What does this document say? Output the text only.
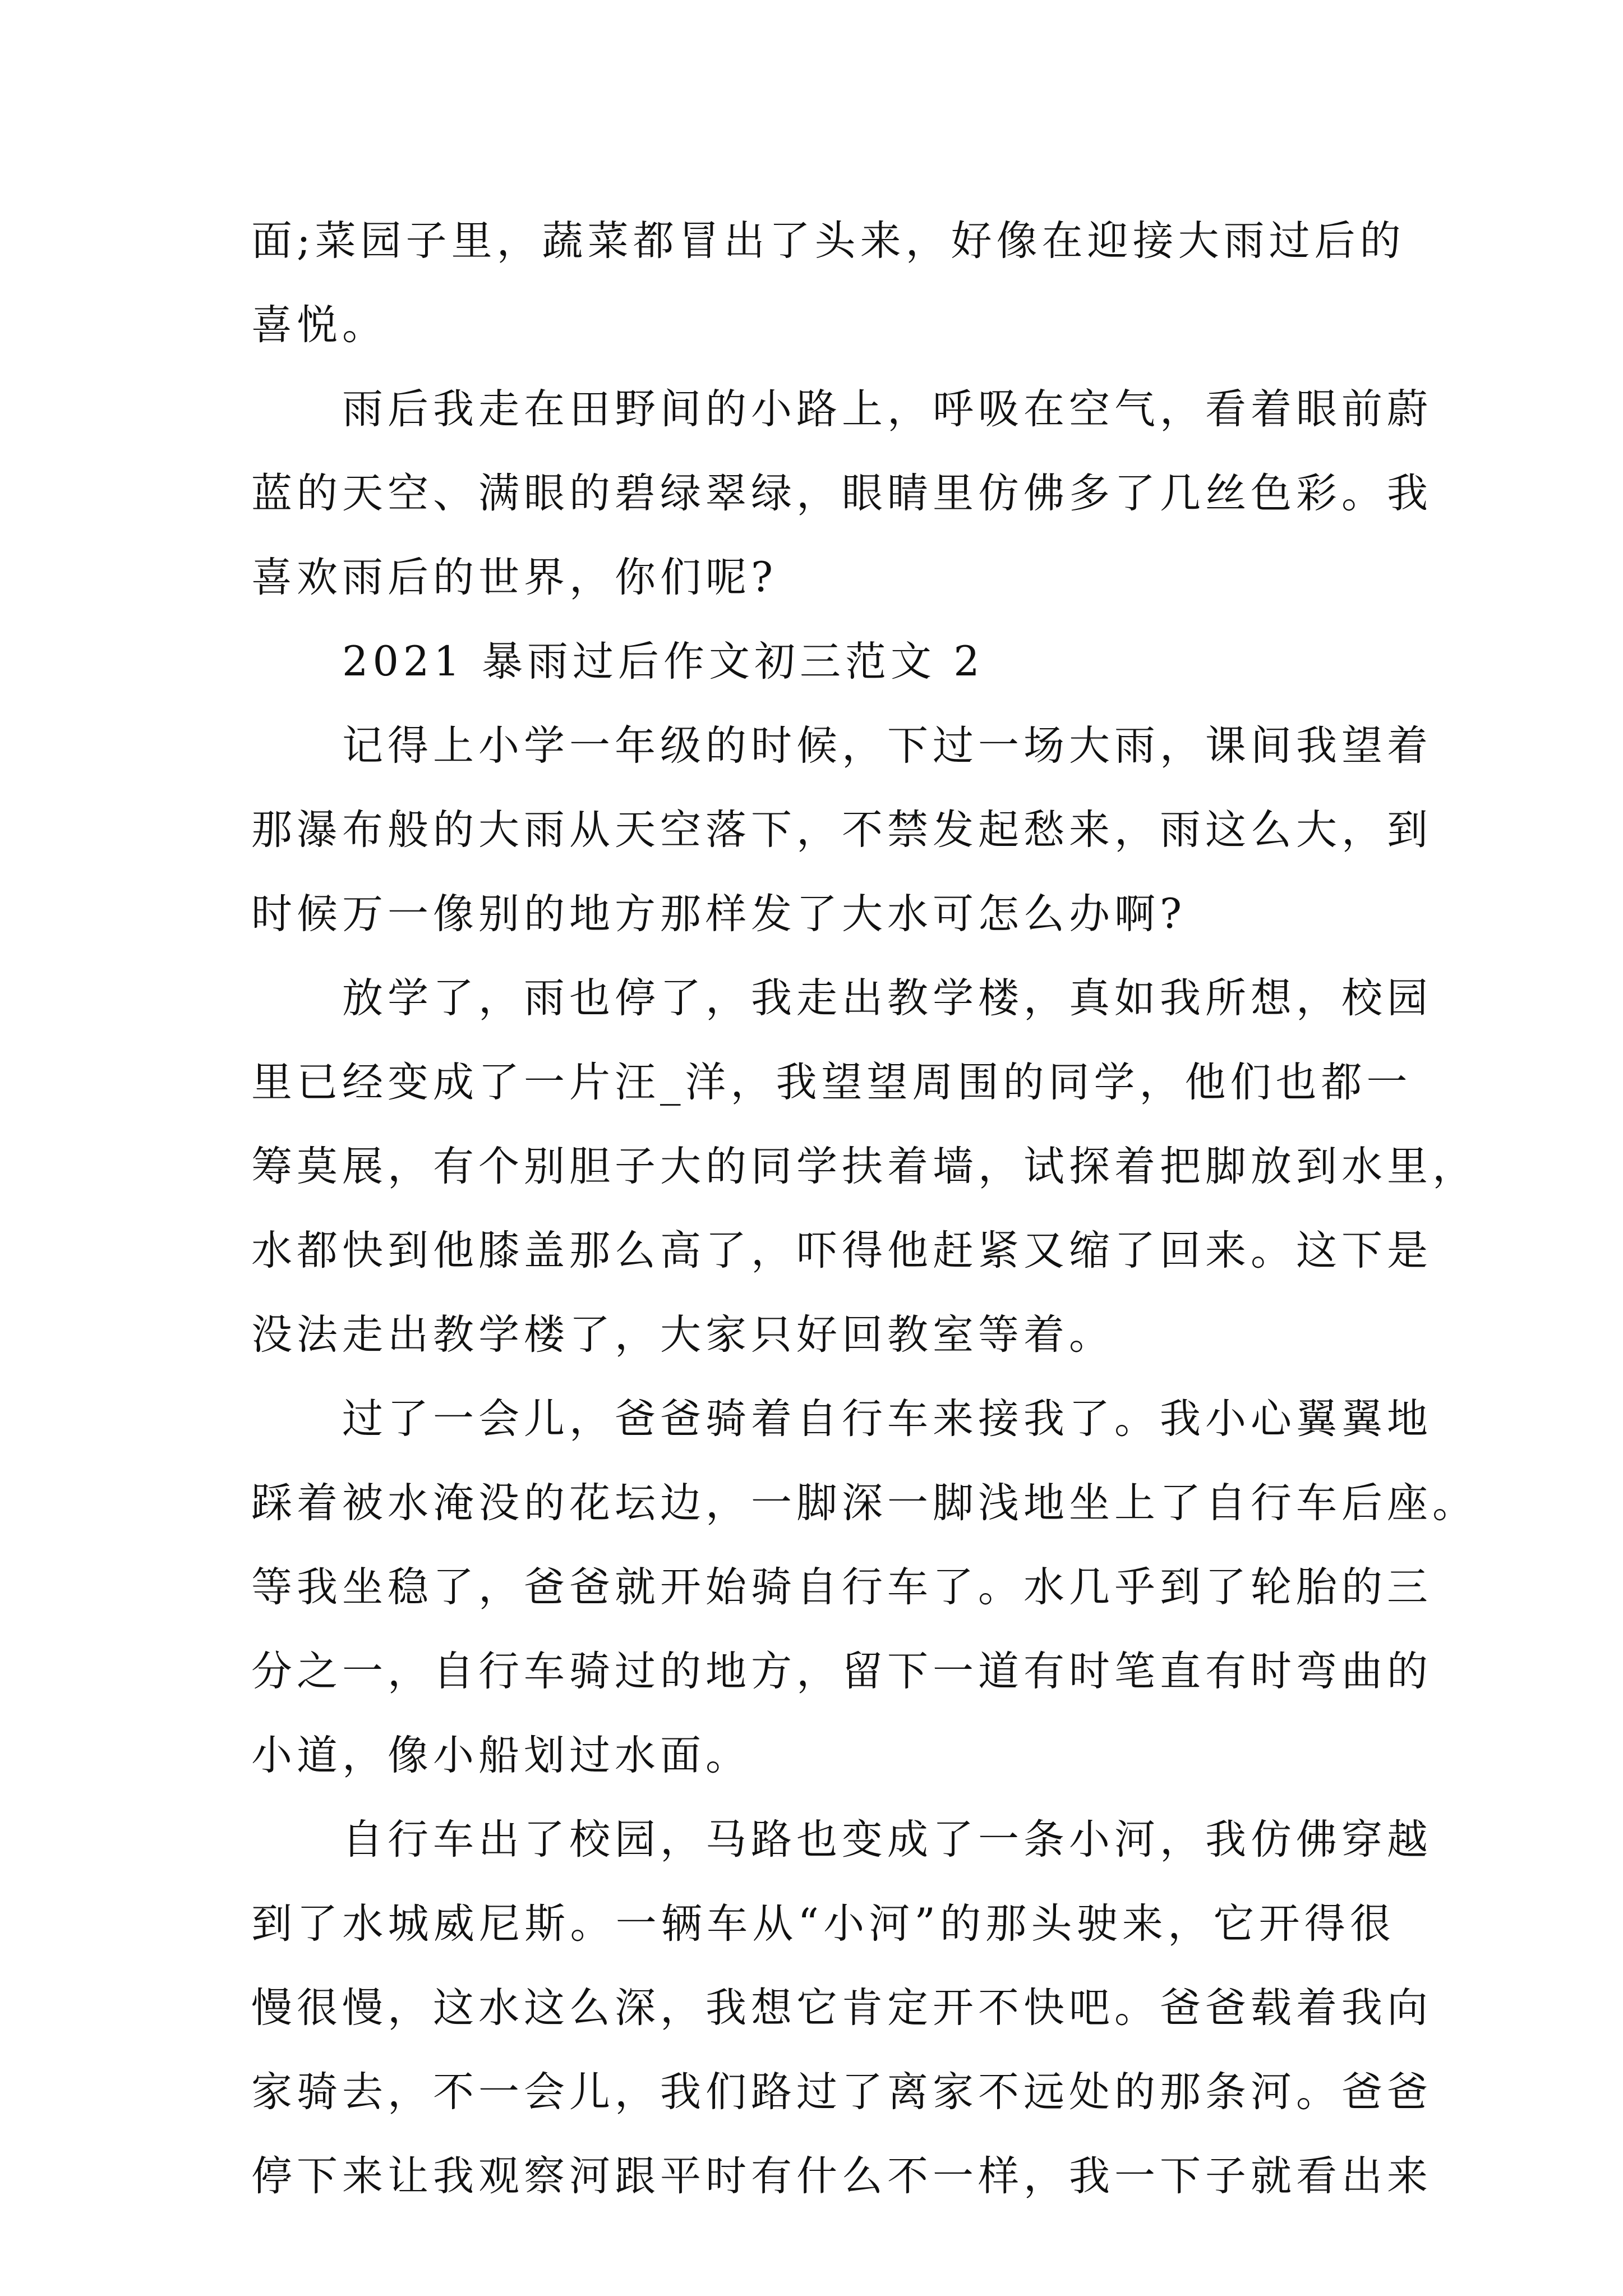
面;菜园子里，蔬菜都冒出了头来，好像在迎接大雨过后的
喜悦。
雨后我走在田野间的小路上，呼吸在空气，看着眼前蔚
蓝的天空、满眼的碧绿翠绿，眼睛里仿佛多了几丝色彩。我
喜欢雨后的世界，你们呢?
2021 暴雨过后作文初三范文 2
记得上小学一年级的时候，下过一场大雨，课间我望着
那瀑布般的大雨从天空落下，不禁发起愁来，雨这么大，到
时候万一像别的地方那样发了大水可怎么办啊?
放学了，雨也停了，我走出教学楼，真如我所想，校园
里已经变成了一片汪_洋，我望望周围的同学，他们也都一
筹莫展，有个别胆子大的同学扶着墙，试探着把脚放到水里，
水都快到他膝盖那么高了，吓得他赶紧又缩了回来。这下是
没法走出教学楼了，大家只好回教室等着。
过了一会儿，爸爸骑着自行车来接我了。我小心翼翼地
踩着被水淹没的花坛边，一脚深一脚浅地坐上了自行车后座。
等我坐稳了，爸爸就开始骑自行车了。水几乎到了轮胎的三
分之一，自行车骑过的地方，留下一道有时笔直有时弯曲的
小道，像小船划过水面。
自行车出了校园，马路也变成了一条小河，我仿佛穿越
到了水城威尼斯。一辆车从“小河”的那头驶来，它开得很
慢很慢，这水这么深，我想它肯定开不快吧。爸爸载着我向
家骑去，不一会儿，我们路过了离家不远处的那条河。爸爸
停下来让我观察河跟平时有什么不一样，我一下子就看出来
